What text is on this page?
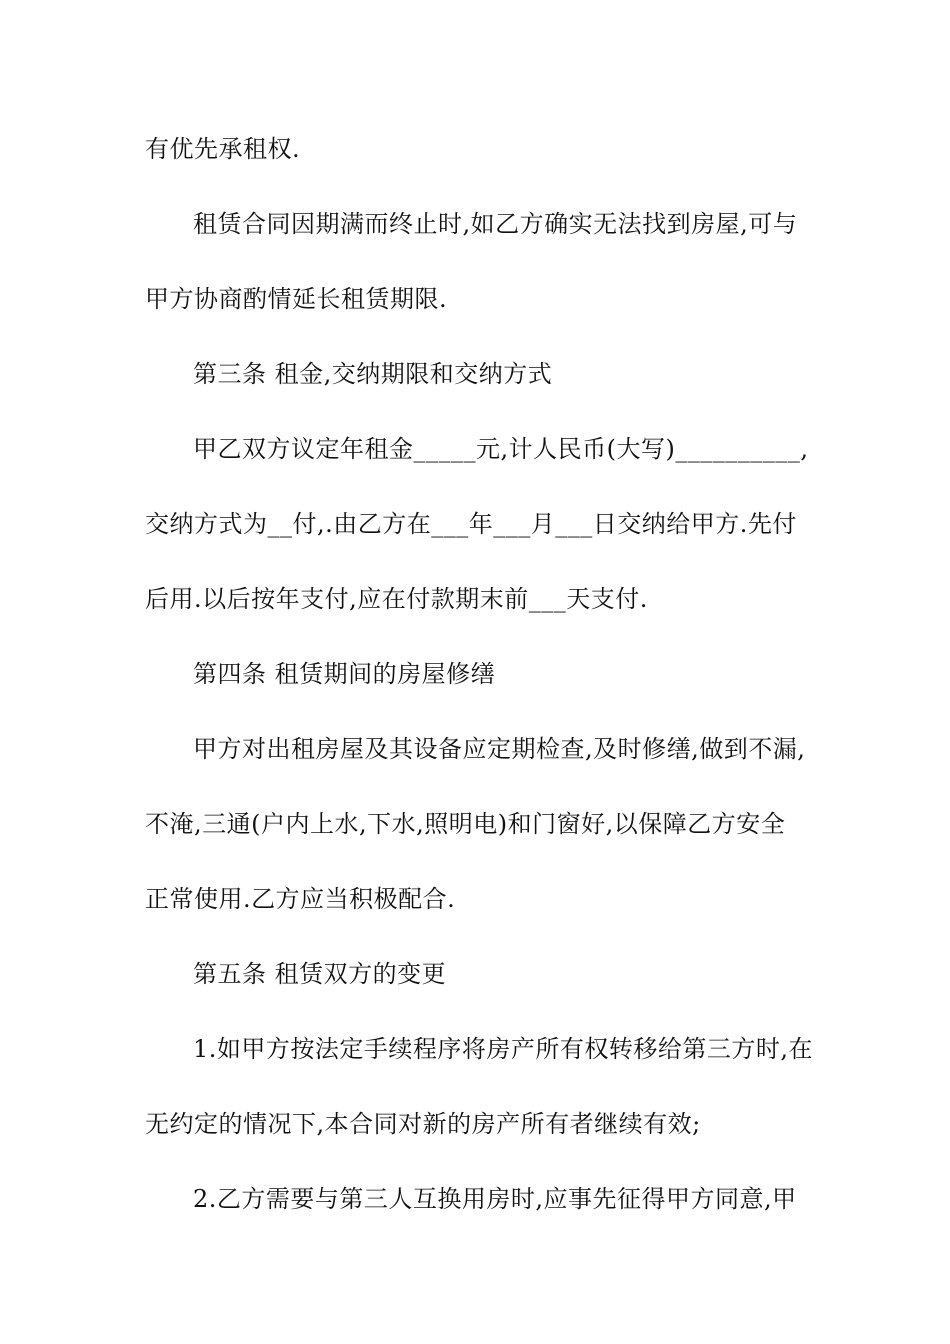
有优先承租权.
租赁合同因期满而终止时,如乙方确实无法找到房屋,可与
甲方协商酌情延长租赁期限.
第三条 租金,交纳期限和交纳方式
甲乙双方议定年租金_____元,计人民币(大写)__________,
交纳方式为__付,.由乙方在___年___月___日交纳给甲方.先付
后用.以后按年支付,应在付款期末前___天支付.
第四条 租赁期间的房屋修缮
甲方对出租房屋及其设备应定期检查,及时修缮,做到不漏,
不淹,三通(户内上水,下水,照明电)和门窗好,以保障乙方安全
正常使用.乙方应当积极配合.
第五条 租赁双方的变更
1.如甲方按法定手续程序将房产所有权转移给第三方时,在
无约定的情况下,本合同对新的房产所有者继续有效;
2.乙方需要与第三人互换用房时,应事先征得甲方同意,甲
